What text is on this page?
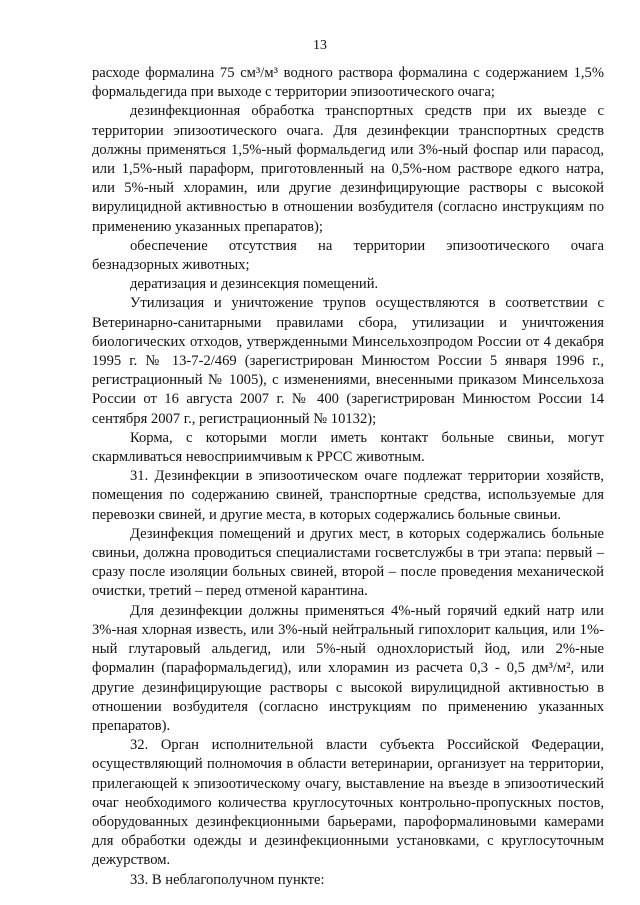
13

расходе формалина 75 см³/м³ водного раствора формалина с содержанием 1,5% формальдегида при выходе с территории эпизоотического очага;

дезинфекционная обработка транспортных средств при их выезде с территории эпизоотического очага. Для дезинфекции транспортных средств должны применяться 1,5%-ный формальдегид или 3%-ный фоспар или парасод, или 1,5%-ный параформ, приготовленный на 0,5%-ном растворе едкого натра, или 5%-ный хлорамин, или другие дезинфицирующие растворы с высокой вирулицидной активностью в отношении возбудителя (согласно инструкциям по применению указанных препаратов);

обеспечение отсутствия на территории эпизоотического очага безнадзорных животных;

дератизация и дезинсекция помещений.

Утилизация и уничтожение трупов осуществляются в соответствии с Ветеринарно-санитарными правилами сбора, утилизации и уничтожения биологических отходов, утвержденными Минсельхозпродом России от 4 декабря 1995 г. № 13-7-2/469 (зарегистрирован Минюстом России 5 января 1996 г., регистрационный № 1005), с изменениями, внесенными приказом Минсельхоза России от 16 августа 2007 г. № 400 (зарегистрирован Минюстом России 14 сентября 2007 г., регистрационный № 10132);

Корма, с которыми могли иметь контакт больные свиньи, могут скармливаться невосприимчивым к РРСС животным.

31. Дезинфекции в эпизоотическом очаге подлежат территории хозяйств, помещения по содержанию свиней, транспортные средства, используемые для перевозки свиней, и другие места, в которых содержались больные свиньи.

Дезинфекция помещений и других мест, в которых содержались больные свиньи, должна проводиться специалистами госветслужбы в три этапа: первый – сразу после изоляции больных свиней, второй – после проведения механической очистки, третий – перед отменой карантина.

Для дезинфекции должны применяться 4%-ный горячий едкий натр или 3%-ная хлорная известь, или 3%-ный нейтральный гипохлорит кальция, или 1%-ный глутаровый альдегид, или 5%-ный однохлористый йод, или 2%-ные формалин (параформальдегид), или хлорамин из расчета 0,3 - 0,5 дм³/м², или другие дезинфицирующие растворы с высокой вирулицидной активностью в отношении возбудителя (согласно инструкциям по применению указанных препаратов).

32. Орган исполнительной власти субъекта Российской Федерации, осуществляющий полномочия в области ветеринарии, организует на территории, прилегающей к эпизоотическому очагу, выставление на въезде в эпизоотический очаг необходимого количества круглосуточных контрольно-пропускных постов, оборудованных дезинфекционными барьерами, пароформалиновыми камерами для обработки одежды и дезинфекционными установками, с круглосуточным дежурством.

33. В неблагополучном пункте:
